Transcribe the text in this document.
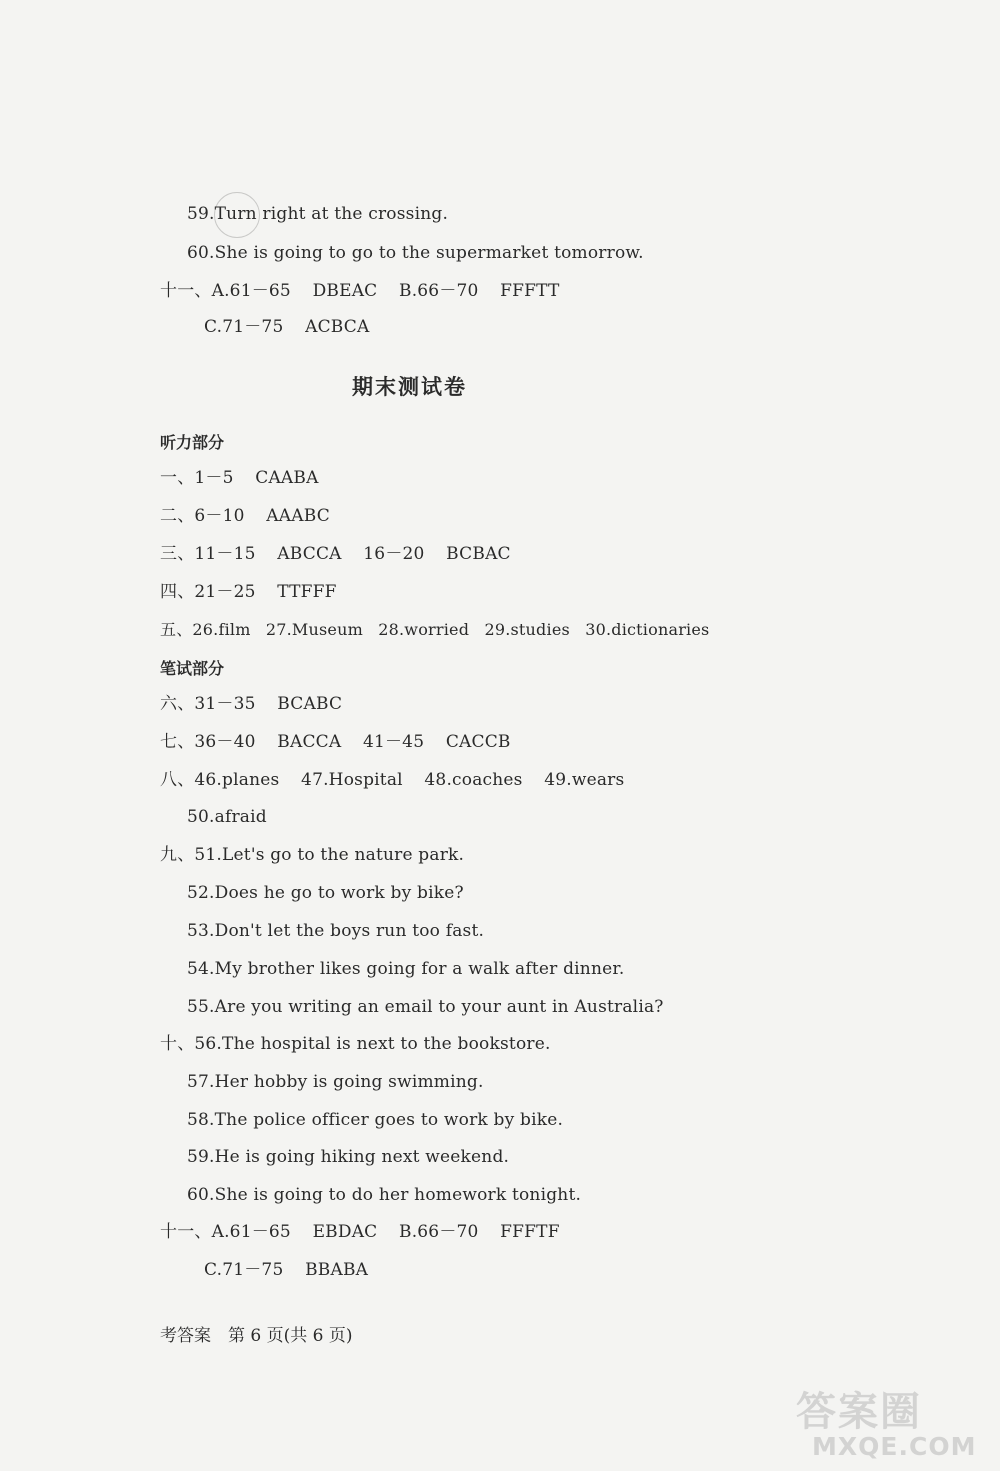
59.Turn right at the crossing.
60.She is going to go to the supermarket tomorrow.
十一、A.61－65 DBEAC B.66－70 FFFTT
C.71－75 ACBCA
期末测试卷
听力部分
一、1－5 CAABA
二、6－10 AAABC
三、11－15 ABCCA 16－20 BCBAC
四、21－25 TTFFF
五、26.film 27.Museum 28.worried 29.studies 30.dictionaries
笔试部分
六、31－35 BCABC
七、36－40 BACCA 41－45 CACCB
八、46.planes 47.Hospital 48.coaches 49.wears
50.afraid
九、51.Let's go to the nature park.
52.Does he go to work by bike?
53.Don't let the boys run too fast.
54.My brother likes going for a walk after dinner.
55.Are you writing an email to your aunt in Australia?
十、56.The hospital is next to the bookstore.
57.Her hobby is going swimming.
58.The police officer goes to work by bike.
59.He is going hiking next weekend.
60.She is going to do her homework tonight.
十一、A.61－65 EBDAC B.66－70 FFFTF
C.71－75 BBABA
考答案　第 6 页(共 6 页)
答案圈
MXQE.COM
